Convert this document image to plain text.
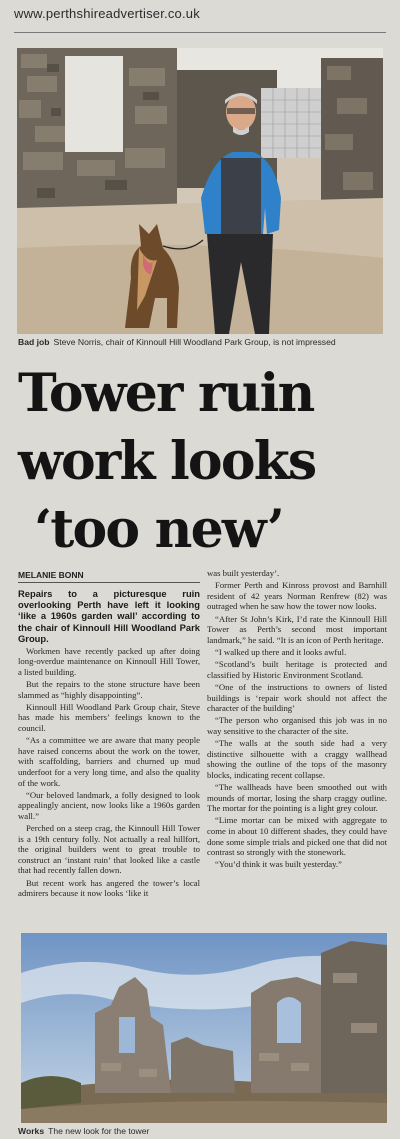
www.perthshireadvertiser.co.uk
Bad job Steve Norris, chair of Kinnoull Hill Woodland Park Group, is not impressed
Tower ruin
work looks
‘too new’
MELANIE BONN

Repairs to a picturesque ruin overlooking Perth have left it looking ‘like a 1960s garden wall’ according to the chair of Kinnoull Hill Woodland Park Group.

Workmen have recently packed up after doing long-overdue maintenance on Kinnoull Hill Tower, a listed building.

But the repairs to the stone structure have been slammed as “highly disappointing”.

Kinnoull Hill Woodland Park Group chair, Steve has made his members’ feelings known to the council.

“As a committee we are aware that many people have raised concerns about the work on the tower, with scaffolding, barriers and churned up mud underfoot for a very long time, and also the quality of the work.

“Our beloved landmark, a folly designed to look appealingly ancient, now looks like a 1960s garden wall.”

Perched on a steep crag, the Kinnoull Hill Tower is a 19th century folly. Not actually a real hillfort, the original builders went to great trouble to construct an ‘instant ruin’ that looked like a castle that had recently fallen down.

But recent work has angered the tower’s local admirers because it now looks ‘like it

was built yesterday’.

Former Perth and Kinross provost and Barnhill resident of 42 years Norman Renfrew (82) was outraged when he saw how the tower now looks.

“After St John’s Kirk, I’d rate the Kinnoull Hill Tower as Perth’s second most important landmark,” he said. “It is an icon of Perth heritage.

“I walked up there and it looks awful.

“Scotland’s built heritage is protected and classified by Historic Environment Scotland.

“One of the instructions to owners of listed buildings is ‘repair work should not affect the character of the building’

“The person who organised this job was in no way sensitive to the character of the site.

“The walls at the south side had a very distinctive silhouette with a craggy wallhead showing the outline of the tops of the masonry blocks, indicating recent collapse.

“The wallheads have been smoothed out with mounds of mortar, losing the sharp craggy outline. The mortar for the pointing is a light grey colour.

“Lime mortar can be mixed with aggregate to come in about 10 different shades, they could have done some simple trials and picked one that did not contrast so strongly with the stonework.

“You’d think it was built yesterday.”

Works The new look for the tower
